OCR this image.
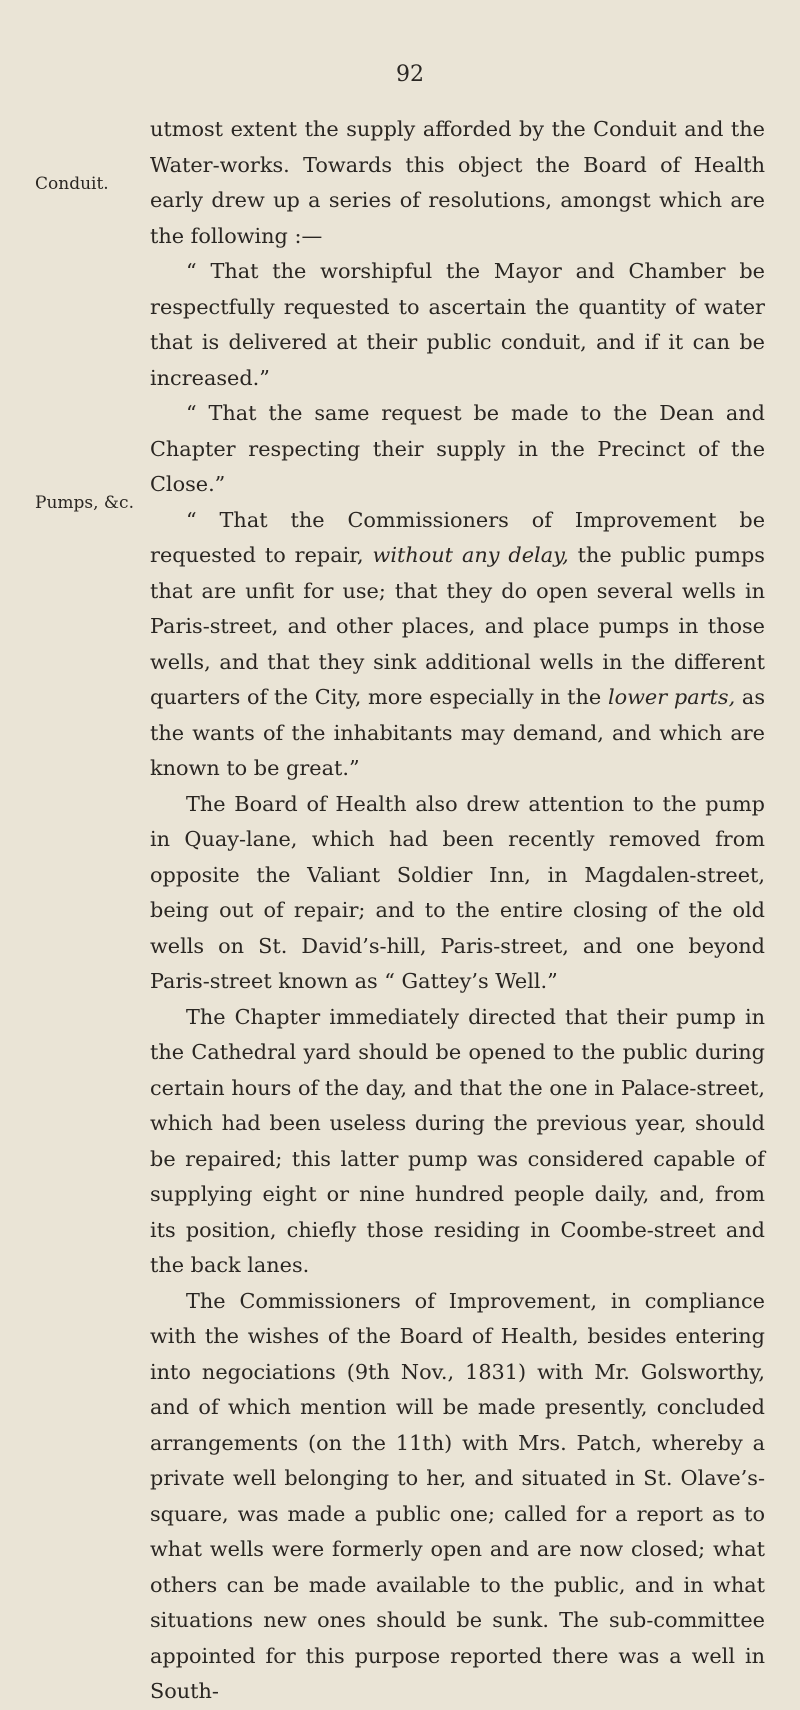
92
Conduit.
Pumps, &c.

utmost extent the supply afforded by the Conduit and the Water-works. Towards this object the Board of Health early drew up a series of resolutions, amongst which are the following :—

“ That the worshipful the Mayor and Chamber be respectfully requested to ascertain the quantity of water that is delivered at their public conduit, and if it can be increased.”

“ That the same request be made to the Dean and Chapter respecting their supply in the Precinct of the Close.”

“ That the Commissioners of Improvement be requested to repair, without any delay, the public pumps that are unfit for use; that they do open several wells in Paris-street, and other places, and place pumps in those wells, and that they sink additional wells in the different quarters of the City, more especially in the lower parts, as the wants of the inhabitants may demand, and which are known to be great.”

The Board of Health also drew attention to the pump in Quay-lane, which had been recently removed from opposite the Valiant Soldier Inn, in Magdalen-street, being out of repair; and to the entire closing of the old wells on St. David’s-hill, Paris-street, and one beyond Paris-street known as “ Gattey’s Well.”

The Chapter immediately directed that their pump in the Cathedral yard should be opened to the public during certain hours of the day, and that the one in Palace-street, which had been useless during the previous year, should be repaired; this latter pump was considered capable of supplying eight or nine hundred people daily, and, from its position, chiefly those residing in Coombe-street and the back lanes.

The Commissioners of Improvement, in compliance with the wishes of the Board of Health, besides entering into negociations (9th Nov., 1831) with Mr. Golsworthy, and of which mention will be made presently, concluded arrangements (on the 11th) with Mrs. Patch, whereby a private well belonging to her, and situated in St. Olave’s-square, was made a public one; called for a report as to what wells were formerly open and are now closed; what others can be made available to the public, and in what situations new ones should be sunk. The sub-committee appointed for this purpose reported there was a well in South-
